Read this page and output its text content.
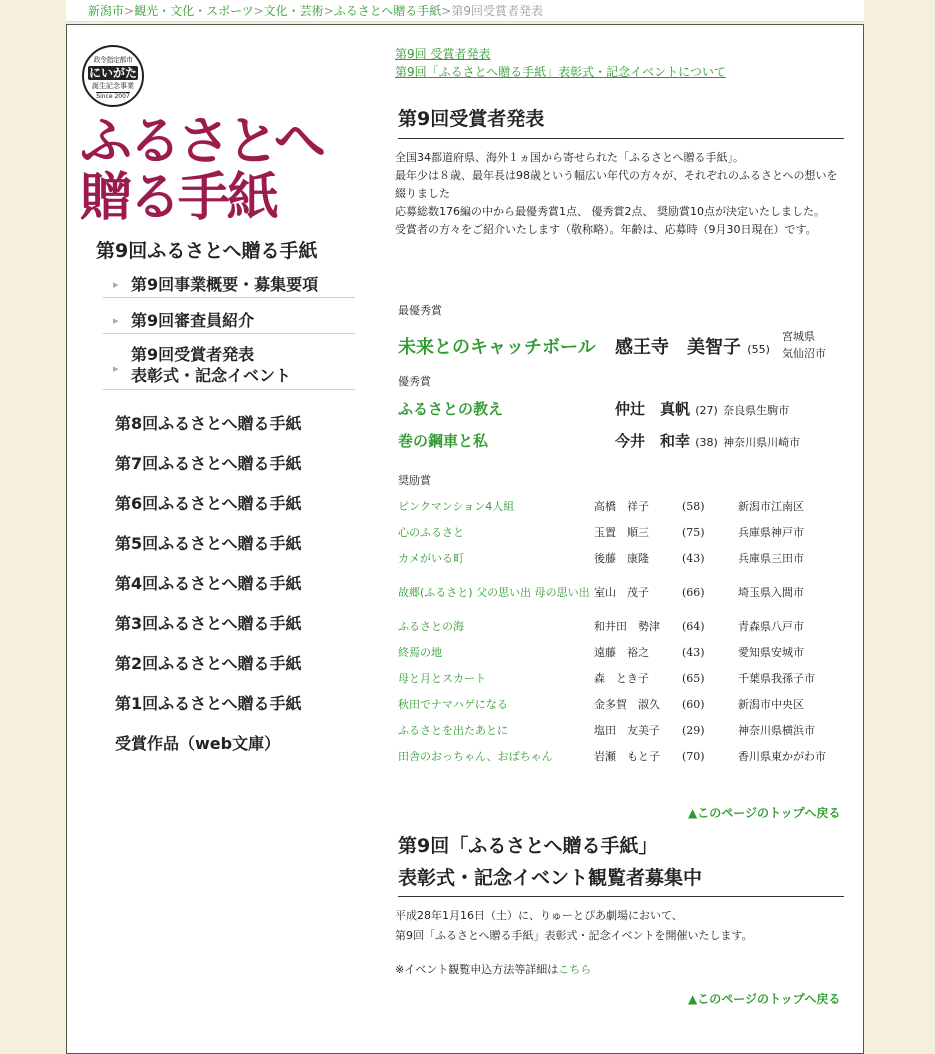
新潟市>観光・文化・スポーツ>文化・芸術>ふるさとへ贈る手紙>第9回受賞者発表
政令指定都市
にいがた
誕生記念事業
Since 2007
ふるさとへ
贈る手紙
第9回ふるさとへ贈る手紙
▸ 第9回事業概要・募集要項
▸ 第9回審査員紹介
▸
第9回受賞者発表
表彰式・記念イベント
第8回ふるさとへ贈る手紙
第7回ふるさとへ贈る手紙
第6回ふるさとへ贈る手紙
第5回ふるさとへ贈る手紙
第4回ふるさとへ贈る手紙
第3回ふるさとへ贈る手紙
第2回ふるさとへ贈る手紙
第1回ふるさとへ贈る手紙
受賞作品（web文庫）
第9回 受賞者発表
第9回「ふるさとへ贈る手紙」表彰式・記念イベントについて
第9回受賞者発表
全国34都道府県、海外１ヵ国から寄せられた「ふるさとへ贈る手紙」。
最年少は８歳、最年長は98歳という幅広い年代の方々が、それぞれのふるさとへの想いを綴りました
応募総数176編の中から最優秀賞1点、 優秀賞2点、 奨励賞10点が決定いたしました。
受賞者の方々をご紹介いたします（敬称略）。年齢は、応募時（9月30日現在）です。
最優秀賞
未来とのキャッチボール 感王寺　美智子 (55)
宮城県
気仙沼市
優秀賞
ふるさとの教え	仲辻　真帆 (27) 奈良県生駒市
巻の鋼車と私	今井　和幸 (38) 神奈川県川崎市
奨励賞
ピンクマンション4人組	高橋　祥子	(58)	新潟市江南区
心のふるさと	玉置　順三	(75)	兵庫県神戸市
カメがいる町	後藤　康隆	(43)	兵庫県三田市
故郷(ふるさと) 父の思い出 母の思い出	室山　茂子	(66)	埼玉県入間市
ふるさとの海	和井田　勢津	(64)	青森県八戸市
終焉の地	遠藤　裕之	(43)	愛知県安城市
母と月とスカート	森　とき子	(65)	千葉県我孫子市
秋田でナマハゲになる	金多賀　淑久	(60)	新潟市中央区
ふるさとを出たあとに	塩田　友美子	(29)	神奈川県横浜市
田舎のおっちゃん、おばちゃん	岩瀬　もと子	(70)	香川県東かがわ市
▲このページのトップへ戻る
第9回「ふるさとへ贈る手紙」
表彰式・記念イベント観覧者募集中
平成28年1月16日（土）に、りゅーとぴあ劇場において、
第9回「ふるさとへ贈る手紙」表彰式・記念イベントを開催いたします。
※イベント観覧申込方法等詳細はこちら
▲このページのトップへ戻る
